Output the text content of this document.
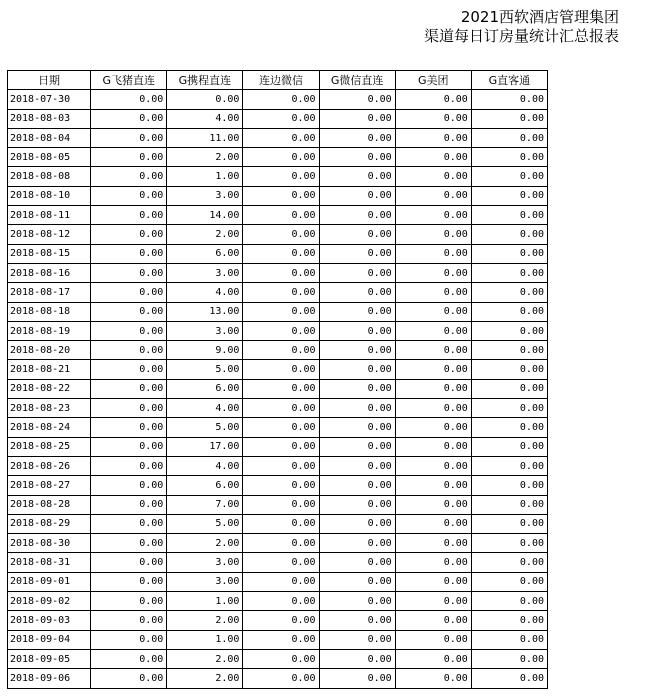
2021西软酒店管理集团
渠道每日订房量统计汇总报表
日期	G飞猪直连	G携程直连	连边微信	G微信直连	G美团	G直客通
2018-07-30	0.00	0.00	0.00	0.00	0.00	0.00
2018-08-03	0.00	4.00	0.00	0.00	0.00	0.00
2018-08-04	0.00	11.00	0.00	0.00	0.00	0.00
2018-08-05	0.00	2.00	0.00	0.00	0.00	0.00
2018-08-08	0.00	1.00	0.00	0.00	0.00	0.00
2018-08-10	0.00	3.00	0.00	0.00	0.00	0.00
2018-08-11	0.00	14.00	0.00	0.00	0.00	0.00
2018-08-12	0.00	2.00	0.00	0.00	0.00	0.00
2018-08-15	0.00	6.00	0.00	0.00	0.00	0.00
2018-08-16	0.00	3.00	0.00	0.00	0.00	0.00
2018-08-17	0.00	4.00	0.00	0.00	0.00	0.00
2018-08-18	0.00	13.00	0.00	0.00	0.00	0.00
2018-08-19	0.00	3.00	0.00	0.00	0.00	0.00
2018-08-20	0.00	9.00	0.00	0.00	0.00	0.00
2018-08-21	0.00	5.00	0.00	0.00	0.00	0.00
2018-08-22	0.00	6.00	0.00	0.00	0.00	0.00
2018-08-23	0.00	4.00	0.00	0.00	0.00	0.00
2018-08-24	0.00	5.00	0.00	0.00	0.00	0.00
2018-08-25	0.00	17.00	0.00	0.00	0.00	0.00
2018-08-26	0.00	4.00	0.00	0.00	0.00	0.00
2018-08-27	0.00	6.00	0.00	0.00	0.00	0.00
2018-08-28	0.00	7.00	0.00	0.00	0.00	0.00
2018-08-29	0.00	5.00	0.00	0.00	0.00	0.00
2018-08-30	0.00	2.00	0.00	0.00	0.00	0.00
2018-08-31	0.00	3.00	0.00	0.00	0.00	0.00
2018-09-01	0.00	3.00	0.00	0.00	0.00	0.00
2018-09-02	0.00	1.00	0.00	0.00	0.00	0.00
2018-09-03	0.00	2.00	0.00	0.00	0.00	0.00
2018-09-04	0.00	1.00	0.00	0.00	0.00	0.00
2018-09-05	0.00	2.00	0.00	0.00	0.00	0.00
2018-09-06	0.00	2.00	0.00	0.00	0.00	0.00
